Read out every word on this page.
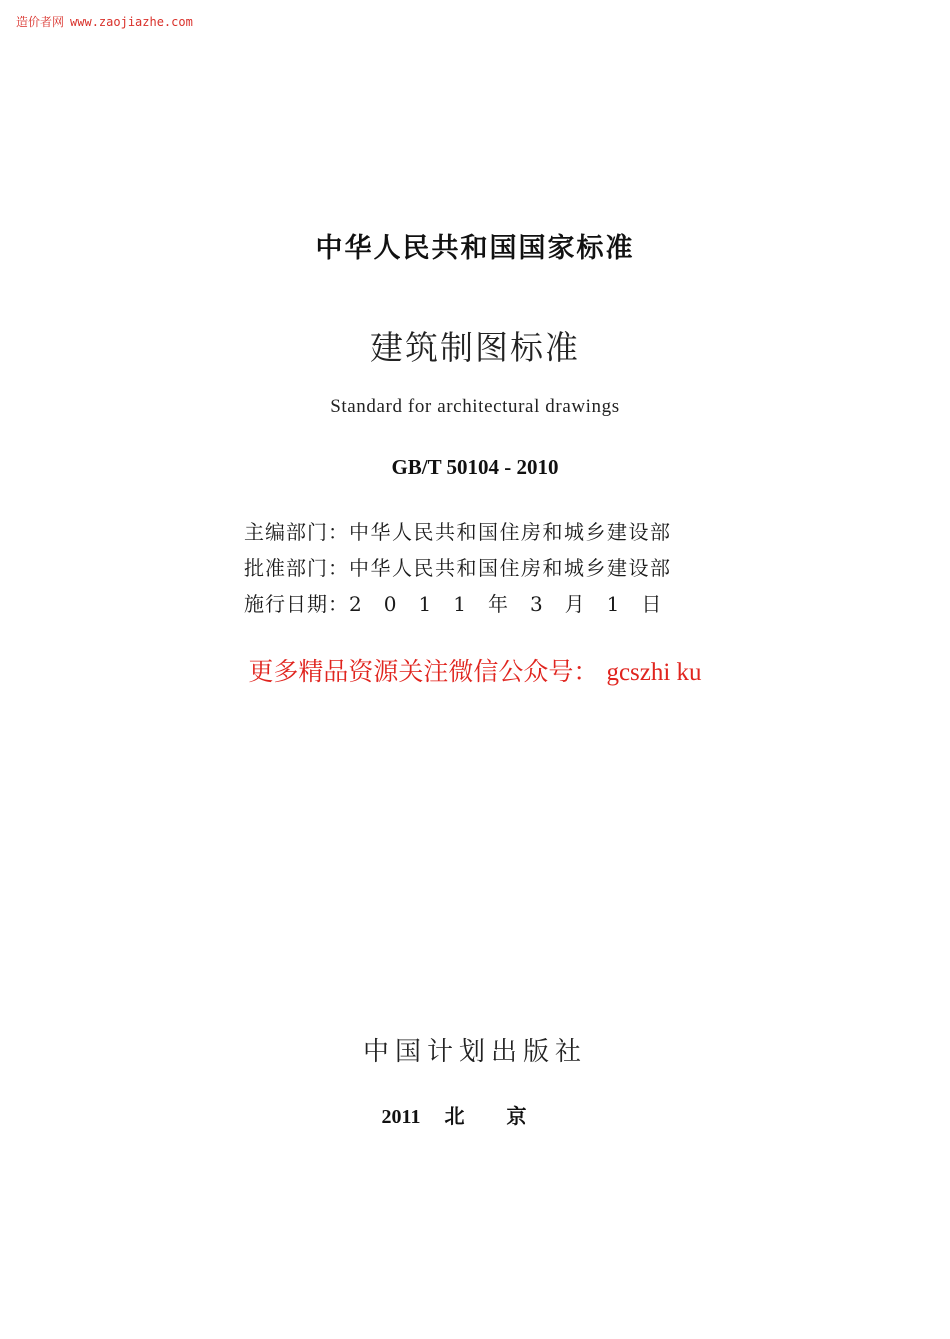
造价者网 www.zaojiazhe.com
中华人民共和国国家标准
建筑制图标准
Standard for architectural drawings
GB/T 50104 - 2010
主编部门：中华人民共和国住房和城乡建设部
批准部门：中华人民共和国住房和城乡建设部
施行日期：2 0 1 1 年 3 月 1 日
更多精品资源关注微信公众号： gcszhi ku
中国计划出版社
2011 北京
